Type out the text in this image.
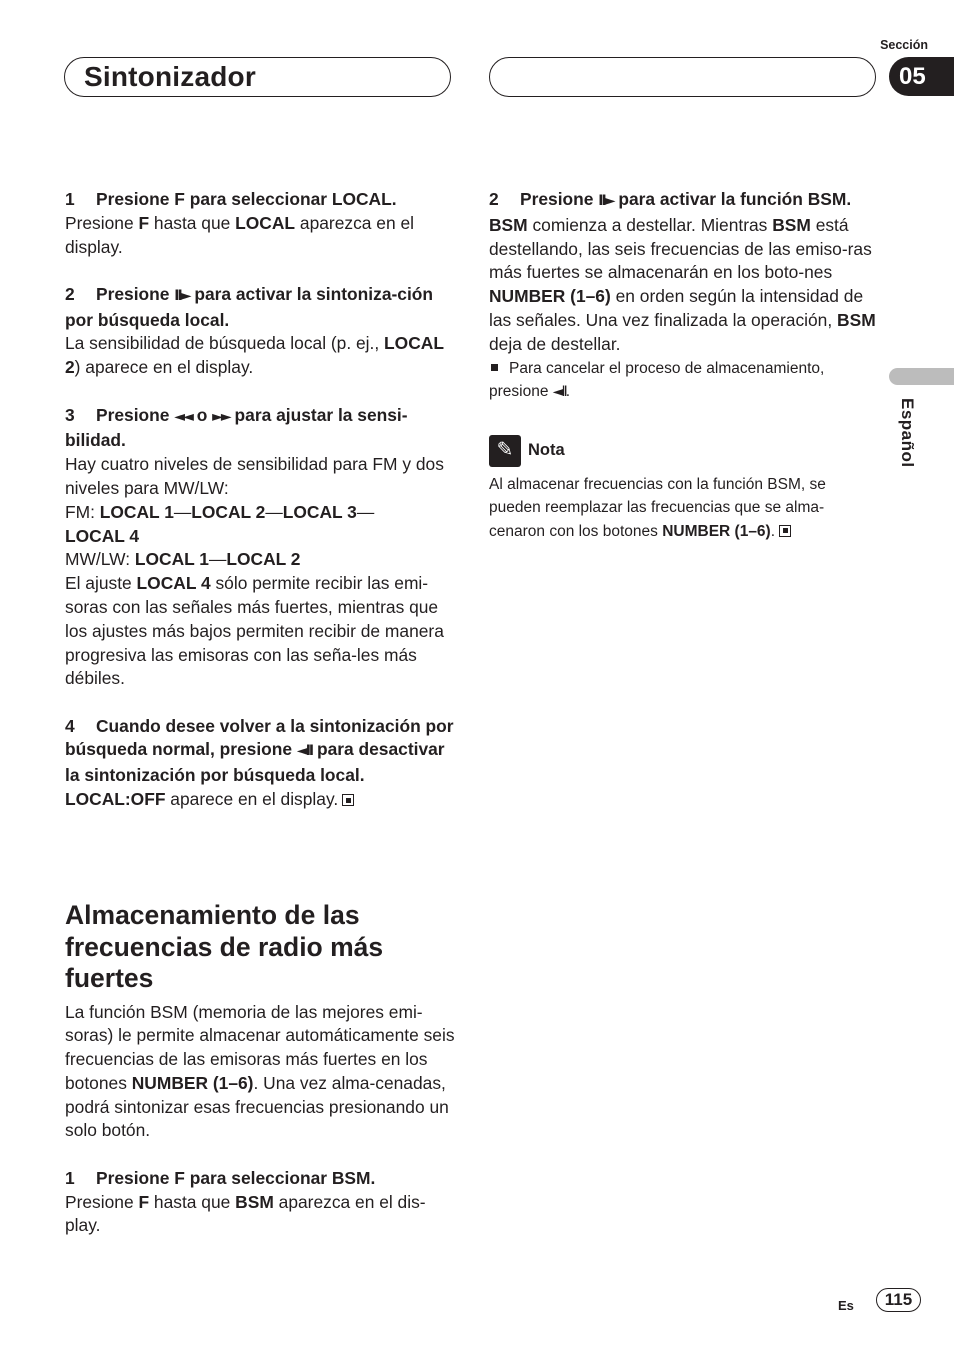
Sintonizador
Sección
05
Español

1 Presione F para seleccionar LOCAL.

Presione F hasta que LOCAL aparezca en el display.

2 Presione II► para activar la sintoniza-ción por búsqueda local.

La sensibilidad de búsqueda local (p. ej., LOCAL 2) aparece en el display.

3 Presione ◄◄ o ►► para ajustar la sensi-bilidad.

Hay cuatro niveles de sensibilidad para FM y dos niveles para MW/LW:

FM: LOCAL 1—LOCAL 2—LOCAL 3—
LOCAL 4

MW/LW: LOCAL 1—LOCAL 2

El ajuste LOCAL 4 sólo permite recibir las emi-soras con las señales más fuertes, mientras que los ajustes más bajos permiten recibir de manera progresiva las emisoras con las seña-les más débiles.

4 Cuando desee volver a la sintonización por búsqueda normal, presione ◄II para desactivar la sintonización por búsqueda local.

LOCAL:OFF aparece en el display.

Almacenamiento de las frecuencias de radio más fuertes

La función BSM (memoria de las mejores emi-soras) le permite almacenar automáticamente seis frecuencias de las emisoras más fuertes en los botones NUMBER (1–6). Una vez alma-cenadas, podrá sintonizar esas frecuencias presionando un solo botón.

1 Presione F para seleccionar BSM.

Presione F hasta que BSM aparezca en el dis-play.

2 Presione II► para activar la función BSM.

BSM comienza a destellar. Mientras BSM está destellando, las seis frecuencias de las emiso-ras más fuertes se almacenarán en los boto-nes NUMBER (1–6) en orden según la intensidad de las señales. Una vez finalizada la operación, BSM deja de destellar.

Para cancelar el proceso de almacenamiento, presione ◄II.

✎ Nota

Al almacenar frecuencias con la función BSM, se pueden reemplazar las frecuencias que se alma-cenaron con los botones NUMBER (1–6).

Es	115
